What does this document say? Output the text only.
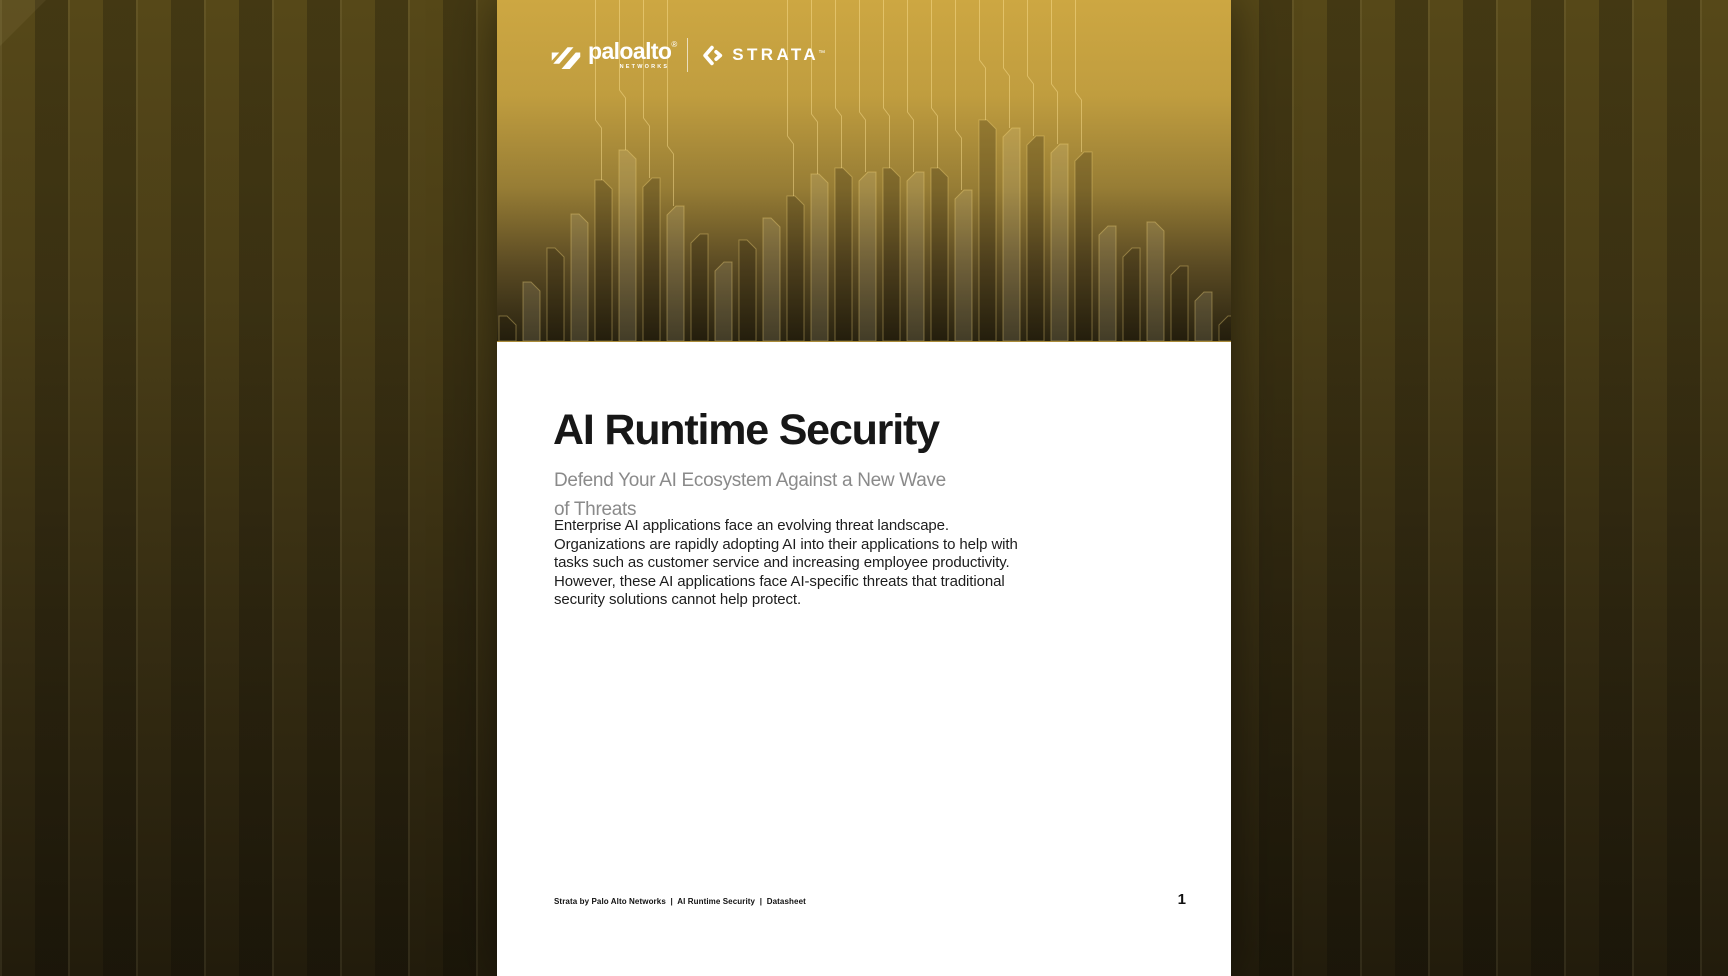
paloalto®
NETWORKS
STRATA ™
AI Runtime Security
Defend Your AI Ecosystem Against a New Wave
of Threats

Enterprise AI applications face an evolving threat landscape.
Organizations are rapidly adopting AI into their applications to help with
tasks such as customer service and increasing employee productivity.
However, these AI applications face AI-specific threats that traditional
security solutions cannot help protect.

Strata by Palo Alto Networks  |  AI Runtime Security  |  Datasheet	1
